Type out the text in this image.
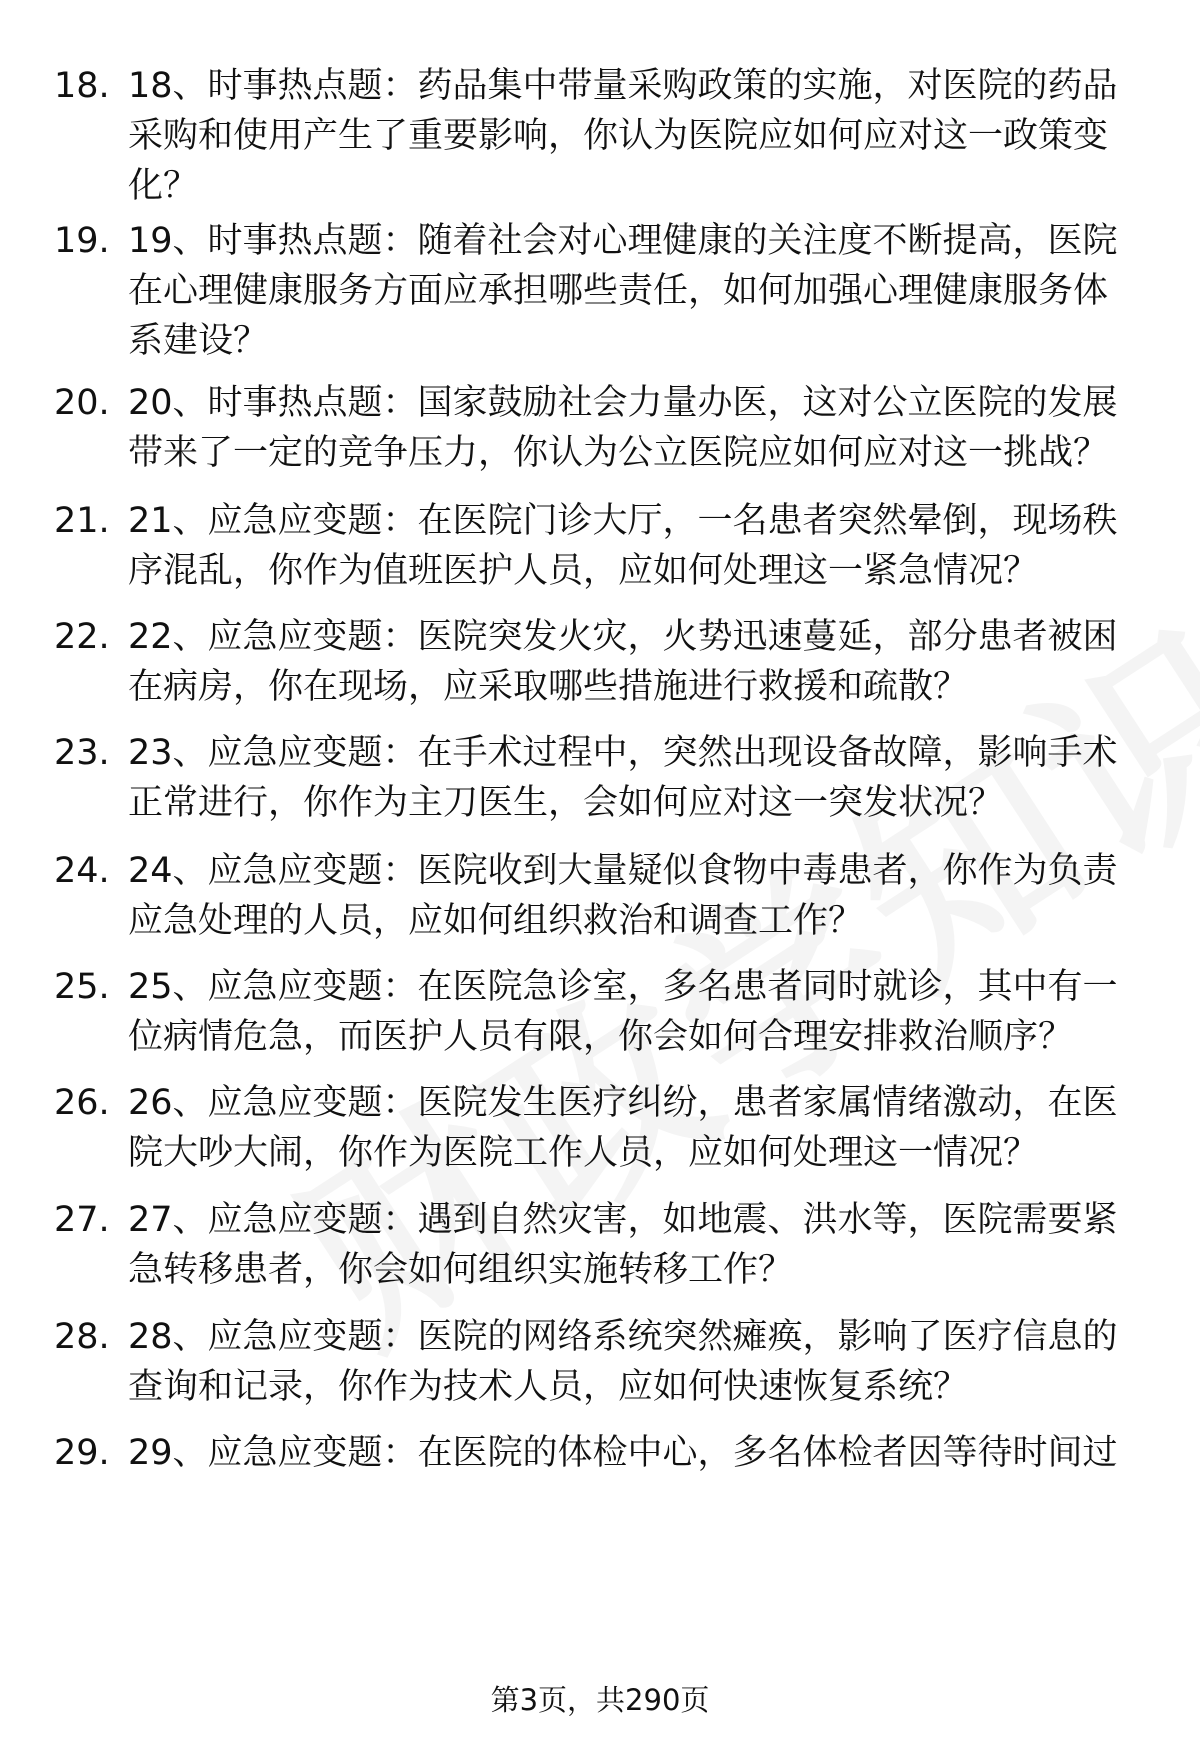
18. 18、时事热点题：药品集中带量采购政策的实施，对医院的药品
采购和使用产生了重要影响，你认为医院应如何应对这一政策变
化？
19. 19、时事热点题：随着社会对心理健康的关注度不断提高，医院
在心理健康服务方面应承担哪些责任，如何加强心理健康服务体
系建设？
20. 20、时事热点题：国家鼓励社会力量办医，这对公立医院的发展
带来了一定的竞争压力，你认为公立医院应如何应对这一挑战？
21. 21、应急应变题：在医院门诊大厅，一名患者突然晕倒，现场秩
序混乱，你作为值班医护人员，应如何处理这一紧急情况？
22. 22、应急应变题：医院突发火灾，火势迅速蔓延，部分患者被困
在病房，你在现场，应采取哪些措施进行救援和疏散？
23. 23、应急应变题：在手术过程中，突然出现设备故障，影响手术
正常进行，你作为主刀医生，会如何应对这一突发状况？
24. 24、应急应变题：医院收到大量疑似食物中毒患者，你作为负责
应急处理的人员，应如何组织救治和调查工作？
25. 25、应急应变题：在医院急诊室，多名患者同时就诊，其中有一
位病情危急，而医护人员有限，你会如何合理安排救治顺序？
26. 26、应急应变题：医院发生医疗纠纷，患者家属情绪激动，在医
院大吵大闹，你作为医院工作人员，应如何处理这一情况？
27. 27、应急应变题：遇到自然灾害，如地震、洪水等，医院需要紧
急转移患者，你会如何组织实施转移工作？
28. 28、应急应变题：医院的网络系统突然瘫痪，影响了医疗信息的
查询和记录，你作为技术人员，应如何快速恢复系统？
29. 29、应急应变题：在医院的体检中心，多名体检者因等待时间过
第3页，共290页
